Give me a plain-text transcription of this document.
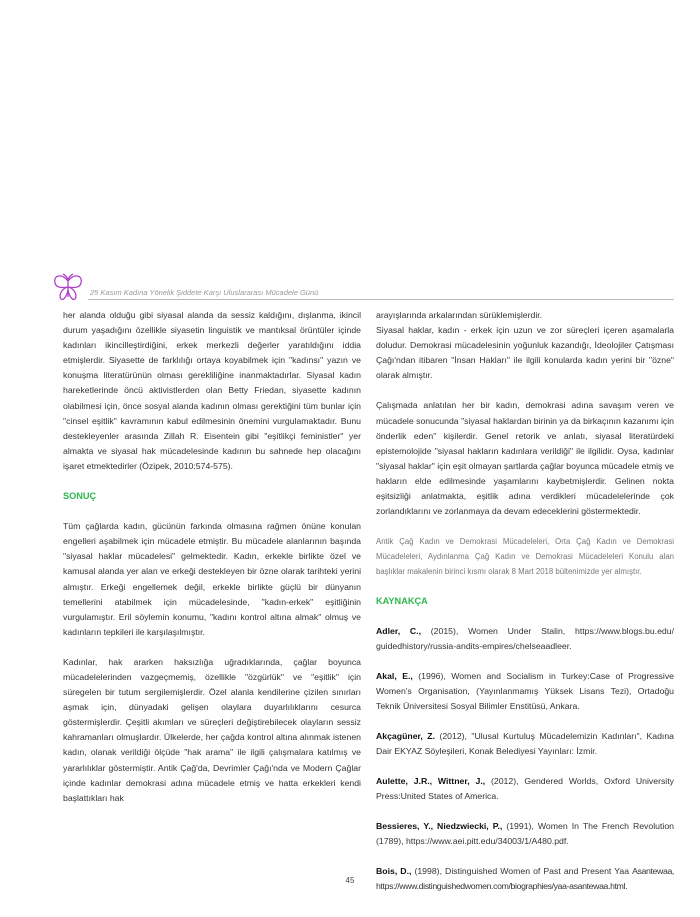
25 Kasım Kadına Yönelik Şiddete Karşı Uluslararası Mücadele Günü

her alanda olduğu gibi siyasal alanda da sessiz kaldığını, dışlanma, ikincil durum yaşadığını özellikle siyasetin linguistik ve mantıksal örüntüler içinde kadınları ikincilleştirdiğini, erkek merkezli değerler yaratıldığını iddia etmişlerdir. Siyasette de farklılığı ortaya koyabilmek için "kadınsı" yazın ve konuşma literatürünün olması gerekliliğine inanmaktadırlar. Siyasal kadın hareketlerinde öncü aktivistlerden olan Betty Friedan, siyasette kadının olabilmesi için, önce sosyal alanda kadının olması gerektiğini tüm bunlar için "cinsel eşitlik" kavramının kabul edilmesinin önemini vurgulamaktadır. Bunu destekleyenler arasında Zillah R. Eisentein gibi "eşitlikçi feministler" yer almakta ve siyasal hak mücadelesinde kadının bu sahnede hep olacağını işaret etmektedirler (Özipek, 2010:574-575).

SONUÇ

Tüm çağlarda kadın, gücünün farkında olmasına rağmen önüne konulan engelleri aşabilmek için mücadele etmiştir. Bu mücadele alanlarının başında "siyasal haklar mücadelesi" gelmektedir. Kadın, erkekle birlikte özel ve kamusal alanda yer alan ve erkeği destekleyen bir özne olarak tarihteki yerini almıştır. Erkeği engellemek değil, erkekle birlikte güçlü bir dünyanın temellerini atabilmek için mücadelesinde, "kadın-erkek" eşitliğinin vurgulamıştır. Eril söylemin konumu, "kadını kontrol altına almak" olmuş ve kadınların tepkileri ile karşılaşılmıştır.

Kadınlar, hak ararken haksızlığa uğradıklarında, çağlar boyunca mücadelelerinden vazgeçmemiş, özellikle "özgürlük" ve "eşitlik" için süregelen bir tutum sergilemişlerdir. Özel alanla kendilerine çizilen sınırları aşmak için, dünyadaki gelişen olaylara duyarlılıklarını cesurca göstermişlerdir. Çeşitli akımları ve süreçleri değiştirebilecek olayların sessiz kahramanları olmuşlardır. Ülkelerde, her çağda kontrol altına alınmak istenen kadın, olanak verildiği ölçüde "hak arama" ile ilgili çalışmalara katılmış ve yararlılıklar göstermiştir. Antik Çağ'da, Devrimler Çağı'nda ve Modern Çağlar içinde kadınlar demokrasi adına mücadele etmiş ve hatta erkekleri kendi başlattıkları hak

arayışlarında arkalarından sürüklemişlerdir.

Siyasal haklar, kadın - erkek için uzun ve zor süreçleri içeren aşamalarla doludur. Demokrasi mücadelesinin yoğunluk kazandığı, İdeolojiler Çatışması Çağı'ndan itibaren "İnsan Hakları" ile ilgili konularda kadın yerini bir "özne" olarak almıştır.

Çalışmada anlatılan her bir kadın, demokrasi adına savaşım veren ve mücadele sonucunda "siyasal haklardan birinin ya da birkaçının kazanımı için önderlik eden" kişilerdir. Genel retorik ve anlatı, siyasal literatürdeki epistemolojide "siyasal hakların kadınlara verildiği" ile ilgilidir. Oysa, kadınlar "siyasal haklar" için eşit olmayan şartlarda çağlar boyunca mücadele etmiş ve hakların elde edilmesinde yaşamlarını kaybetmişlerdir. Gelinen nokta eşitsizliği anlatmakta, eşitlik adına verdikleri mücadelelerinde çok zorlandıklarını ve zorlanmaya da devam edeceklerini göstermektedir.

Antik Çağ Kadın ve Demokrasi Mücadeleleri, Orta Çağ Kadın ve Demokrasi Mücadeleleri, Aydınlanma Çağ Kadın ve Demokrasi Mücadeleleri Konulu alan başlıklar makalenin birinci kısmı olarak 8 Mart 2018 bültenimizde yer almıştır.

KAYNAKÇA

Adler, C., (2015), Women Under Stalin, https://www.blogs.bu.edu/ guidedhistory/russia-andits-empires/chelseaadleer.

Akal, E., (1996), Women and Socialism in Turkey:Case of Progressive Women's Organisation, (Yayınlanmamış Yüksek Lisans Tezi), Ortadoğu Teknik Üniversitesi Sosyal Bilimler Enstitüsü, Ankara.

Akçagüner, Z. (2012), "Ulusal Kurtuluş Mücadelemizin Kadınları", Kadına Dair EKYAZ Söyleşileri, Konak Belediyesi Yayınları: İzmir.

Aulette, J.R., Wittner, J., (2012), Gendered Worlds, Oxford University Press:United States of America.

Bessieres, Y., Niedzwiecki, P., (1991), Women In The French Revolution (1789), https://www.aei.pitt.edu/34003/1/A480.pdf.

Bois, D., (1998), Distinguished Women of Past and Present Yaa Asantewaa, https://www.distinguishedwomen.com/biographies/yaa-asantewaa.html.

45
